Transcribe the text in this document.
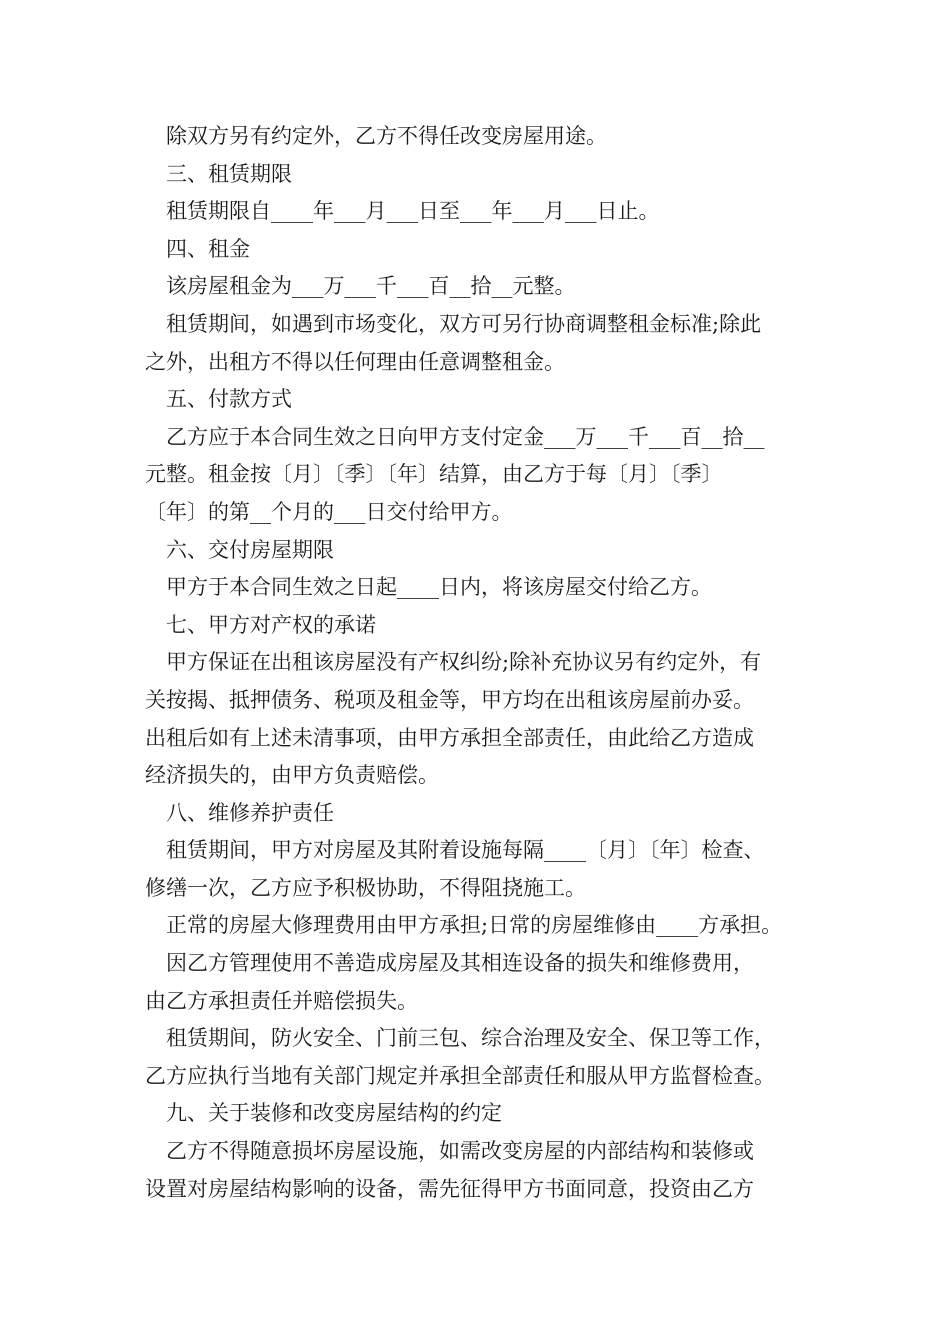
除双方另有约定外，乙方不得任改变房屋用途。
三、租赁期限
租赁期限自____年___月___日至___年___月___日止。
四、租金
该房屋租金为___万___千___百__拾__元整。
租赁期间，如遇到市场变化，双方可另行协商调整租金标准;除此
之外，出租方不得以任何理由任意调整租金。
五、付款方式
乙方应于本合同生效之日向甲方支付定金___万___千___百__拾__
元整。租金按〔月〕〔季〕〔年〕结算，由乙方于每〔月〕〔季〕
〔年〕的第__个月的___日交付给甲方。
六、交付房屋期限
甲方于本合同生效之日起____日内，将该房屋交付给乙方。
七、甲方对产权的承诺
甲方保证在出租该房屋没有产权纠纷;除补充协议另有约定外，有
关按揭、抵押债务、税项及租金等，甲方均在出租该房屋前办妥。
出租后如有上述未清事项，由甲方承担全部责任，由此给乙方造成
经济损失的，由甲方负责赔偿。
八、维修养护责任
租赁期间，甲方对房屋及其附着设施每隔____〔月〕〔年〕检查、
修缮一次，乙方应予积极协助，不得阻挠施工。
正常的房屋大修理费用由甲方承担;日常的房屋维修由____方承担。
因乙方管理使用不善造成房屋及其相连设备的损失和维修费用，
由乙方承担责任并赔偿损失。
租赁期间，防火安全、门前三包、综合治理及安全、保卫等工作，
乙方应执行当地有关部门规定并承担全部责任和服从甲方监督检查。
九、关于装修和改变房屋结构的约定
乙方不得随意损坏房屋设施，如需改变房屋的内部结构和装修或
设置对房屋结构影响的设备，需先征得甲方书面同意，投资由乙方
